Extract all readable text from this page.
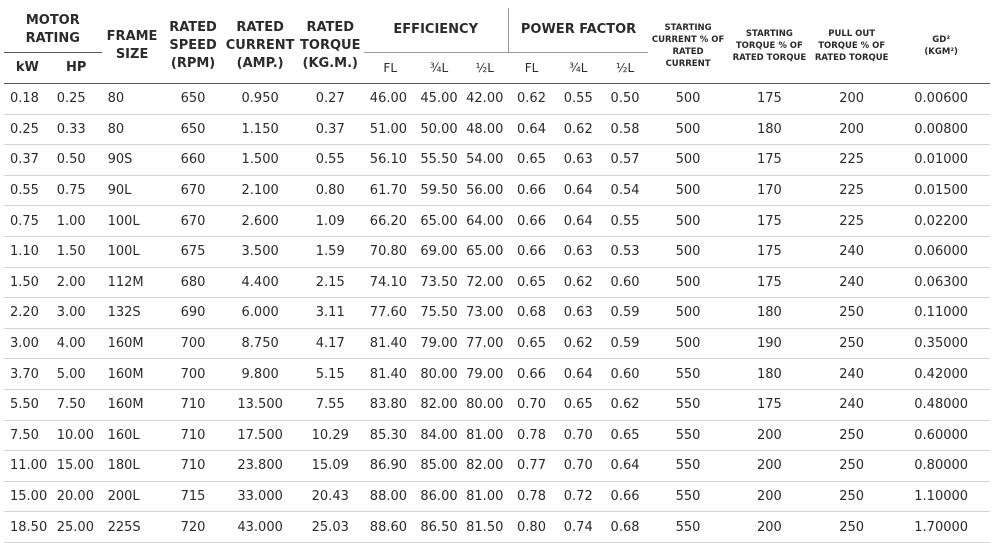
MOTOR RATING		FRAME SIZE	RATED SPEED (RPM)	RATED CURRENT (AMP.)	RATED TORQUE (KG.M.)	EFFICIENCY			POWER FACTOR			STARTING CURRENT % OF RATED CURRENT	STARTING TORQUE % OF RATED TORQUE	PULL OUT TORQUE % OF RATED TORQUE	GD²
(KGM²)

kW	HP					FL	¾L	½L	FL	¾L	½L				
0.18	0.25	80	650	0.950	0.27	46.00	45.00	42.00	0.62	0.55	0.50	500	175	200	0.00600
0.25	0.33	80	650	1.150	0.37	51.00	50.00	48.00	0.64	0.62	0.58	500	180	200	0.00800
0.37	0.50	90S	660	1.500	0.55	56.10	55.50	54.00	0.65	0.63	0.57	500	175	225	0.01000
0.55	0.75	90L	670	2.100	0.80	61.70	59.50	56.00	0.66	0.64	0.54	500	170	225	0.01500
0.75	1.00	100L	670	2.600	1.09	66.20	65.00	64.00	0.66	0.64	0.55	500	175	225	0.02200
1.10	1.50	100L	675	3.500	1.59	70.80	69.00	65.00	0.66	0.63	0.53	500	175	240	0.06000
1.50	2.00	112M	680	4.400	2.15	74.10	73.50	72.00	0.65	0.62	0.60	500	175	240	0.06300
2.20	3.00	132S	690	6.000	3.11	77.60	75.50	73.00	0.68	0.63	0.59	500	180	250	0.11000
3.00	4.00	160M	700	8.750	4.17	81.40	79.00	77.00	0.65	0.62	0.59	500	190	250	0.35000
3.70	5.00	160M	700	9.800	5.15	81.40	80.00	79.00	0.66	0.64	0.60	550	180	240	0.42000
5.50	7.50	160M	710	13.500	7.55	83.80	82.00	80.00	0.70	0.65	0.62	550	175	240	0.48000
7.50	10.00	160L	710	17.500	10.29	85.30	84.00	81.00	0.78	0.70	0.65	550	200	250	0.60000
11.00	15.00	180L	710	23.800	15.09	86.90	85.00	82.00	0.77	0.70	0.64	550	200	250	0.80000
15.00	20.00	200L	715	33.000	20.43	88.00	86.00	81.00	0.78	0.72	0.66	550	200	250	1.10000
18.50	25.00	225S	720	43.000	25.03	88.60	86.50	81.50	0.80	0.74	0.68	550	200	250	1.70000
